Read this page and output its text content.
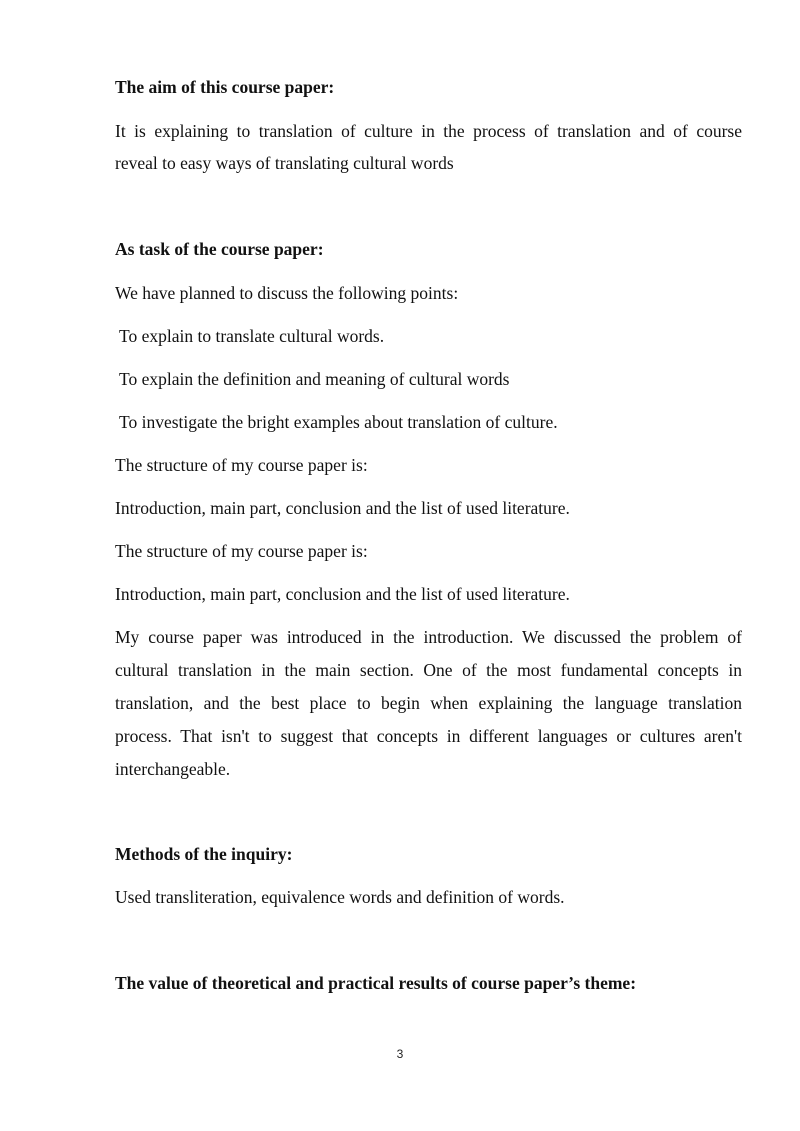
The aim of this course paper:
It is explaining to translation of culture in the process of translation and of course
reveal to easy ways of translating cultural words
As task of the course paper:
We have planned to discuss the following points:
To explain to translate cultural words.
To explain the definition and meaning of cultural words
To investigate the bright examples about translation of culture.
The structure of my course paper is:
Introduction, main part, conclusion and the list of used literature.
The structure of my course paper is:
Introduction, main part, conclusion and the list of used literature.
My course paper was introduced in the introduction. We discussed the problem of
cultural translation in the main section. One of the most fundamental concepts in
translation, and the best place to begin when explaining the language translation
process. That isn't to suggest that concepts in different languages or cultures aren't
interchangeable.
Methods of the inquiry:
Used transliteration, equivalence words and definition of words.
The value of theoretical and practical results of course paper’s theme:
3
